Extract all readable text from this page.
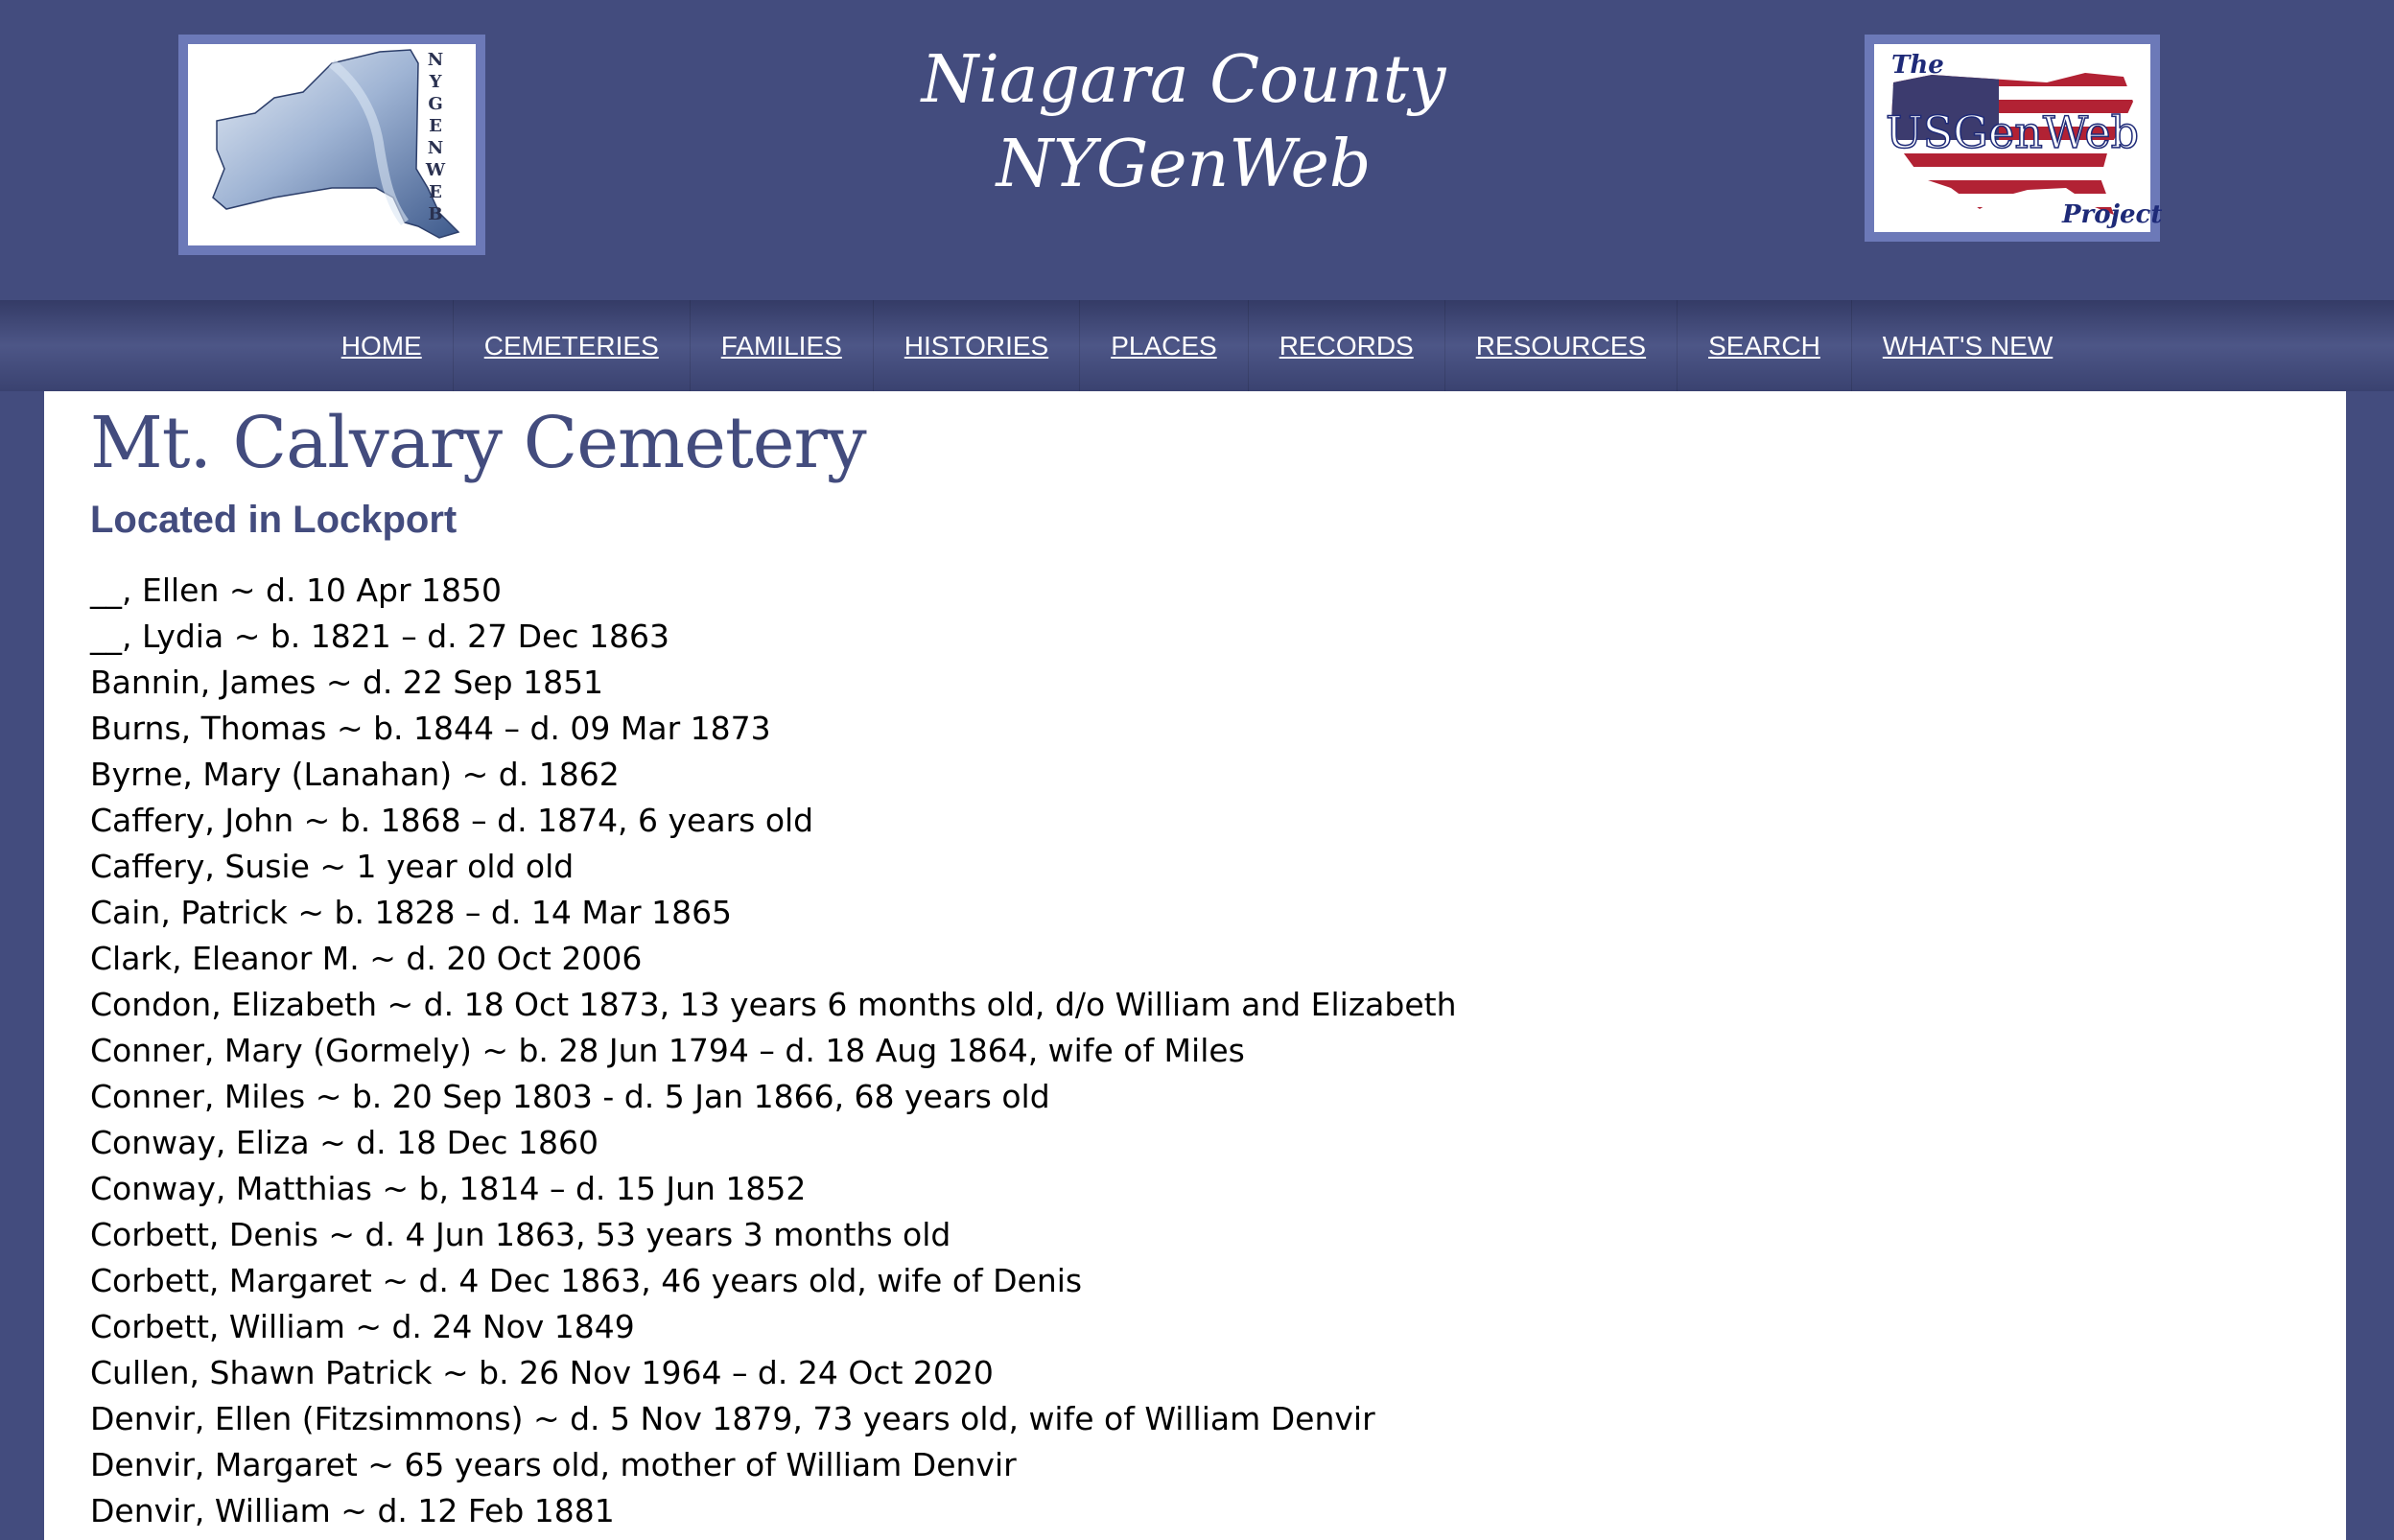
N
Y
G
E
N
W
E
B
Niagara County
NYGenWeb
The
USGenWeb
Project
HOME	CEMETERIES	FAMILIES	HISTORIES	PLACES	RECORDS	RESOURCES	SEARCH	WHAT'S NEW
Mt. Calvary Cemetery
Located in Lockport
__, Ellen ~ d. 10 Apr 1850
__, Lydia ~ b. 1821 – d. 27 Dec 1863
Bannin, James ~ d. 22 Sep 1851
Burns, Thomas ~ b. 1844 – d. 09 Mar 1873
Byrne, Mary (Lanahan) ~ d. 1862
Caffery, John ~ b. 1868 – d. 1874, 6 years old
Caffery, Susie ~ 1 year old old
Cain, Patrick ~ b. 1828 – d. 14 Mar 1865
Clark, Eleanor M. ~ d. 20 Oct 2006
Condon, Elizabeth ~ d. 18 Oct 1873, 13 years 6 months old, d/o William and Elizabeth
Conner, Mary (Gormely) ~ b. 28 Jun 1794 – d. 18 Aug 1864, wife of Miles
Conner, Miles ~ b. 20 Sep 1803 - d. 5 Jan 1866, 68 years old
Conway, Eliza ~ d. 18 Dec 1860
Conway, Matthias ~ b, 1814 – d. 15 Jun 1852
Corbett, Denis ~ d. 4 Jun 1863, 53 years 3 months old
Corbett, Margaret ~ d. 4 Dec 1863, 46 years old, wife of Denis
Corbett, William ~ d. 24 Nov 1849
Cullen, Shawn Patrick ~ b. 26 Nov 1964 – d. 24 Oct 2020
Denvir, Ellen (Fitzsimmons) ~ d. 5 Nov 1879, 73 years old, wife of William Denvir
Denvir, Margaret ~ 65 years old, mother of William Denvir
Denvir, William ~ d. 12 Feb 1881
